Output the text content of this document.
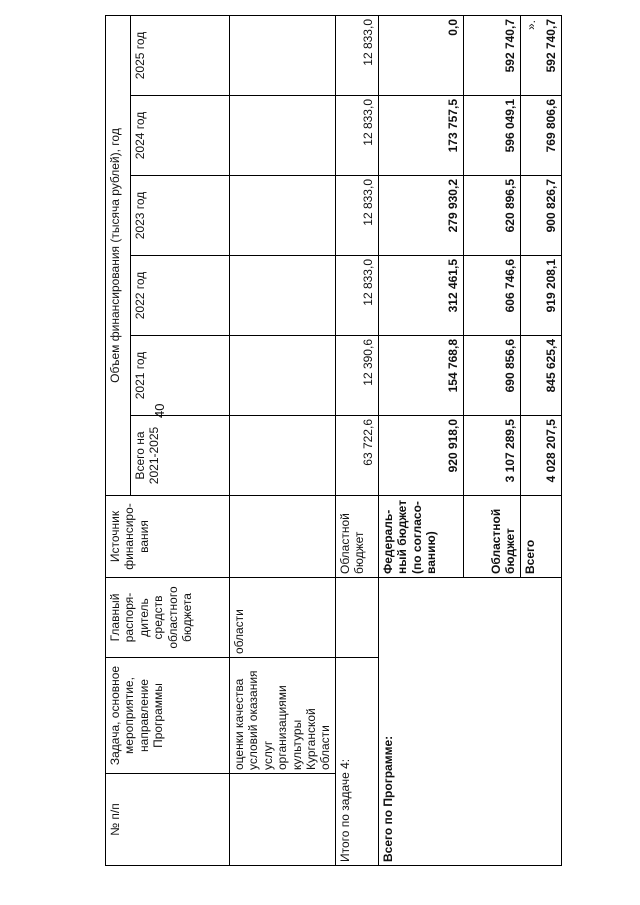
40
».
№ п/п	Задача, основное мероприятие, направление Программы	Главный распоря-дитель средств областного бюджета	Источник финансиро-вания	Объем финансирования (тысяча рублей), год					
				Всего на 2021-2025	2021 год	2022 год	2023 год	2024 год	2025 год
	оценки качества условий оказания услуг организациями культуры Курганской области	области							
Итого по задаче 4:			Областной бюджет	63 722,6	12 390,6	12 833,0	12 833,0	12 833,0	12 833,0
Всего по Программе:			Федераль-ный бюджет (по согласо-ванию)	920 918,0	154 768,8	312 461,5	279 930,2	173 757,5	0,0
			Областной бюджет	3 107 289,5	690 856,6	606 746,6	620 896,5	596 049,1	592 740,7
			Всего	4 028 207,5	845 625,4	919 208,1	900 826,7	769 806,6	592 740,7
